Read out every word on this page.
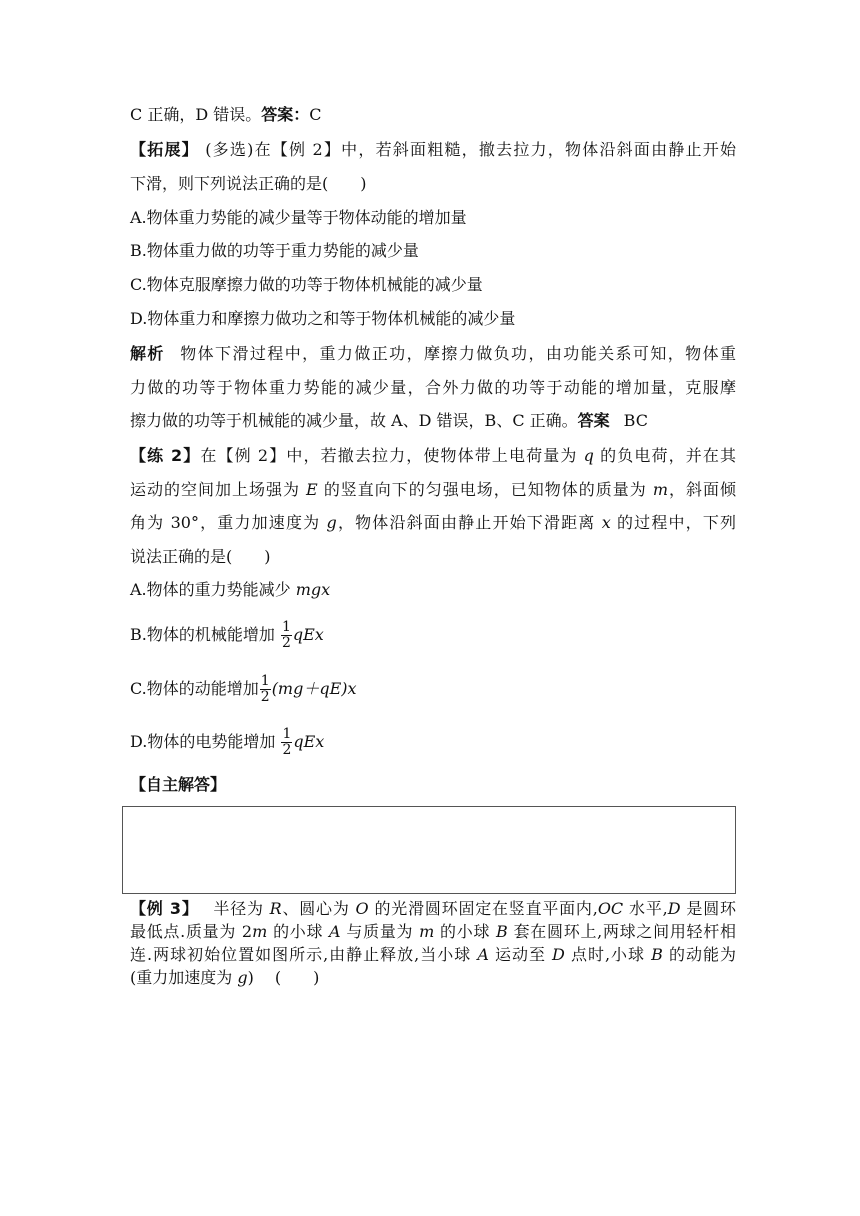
C 正确，D 错误。答案：C
【拓展】 (多选)在【例 2】中，若斜面粗糙，撤去拉力，物体沿斜面由静止开始
下滑，则下列说法正确的是(　　)
A.物体重力势能的减少量等于物体动能的增加量
B.物体重力做的功等于重力势能的减少量
C.物体克服摩擦力做的功等于物体机械能的减少量
D.物体重力和摩擦力做功之和等于物体机械能的减少量
解析 物体下滑过程中，重力做正功，摩擦力做负功，由功能关系可知，物体重
力做的功等于物体重力势能的减少量，合外力做的功等于动能的增加量，克服摩
擦力做的功等于机械能的减少量，故 A、D 错误，B、C 正确。答案 BC
【练 2】在【例 2】中，若撤去拉力，使物体带上电荷量为 q 的负电荷，并在其
运动的空间加上场强为 E 的竖直向下的匀强电场，已知物体的质量为 m，斜面倾
角为 30°，重力加速度为 g，物体沿斜面由静止开始下滑距离 x 的过程中，下列
说法正确的是(　　)
A.物体的重力势能减少 mgx
B.物体的机械能增加 $\frac{1}{2}$ qEx
C.物体的动能增加 $\frac{1}{2} (mg+qE)x$
D.物体的电势能增加 $\frac{1}{2}$ qEx
【自主解答】
【例 3】 半径为 R、圆心为 O 的光滑圆环固定在竖直平面内,OC 水平,D 是圆环
最低点.质量为 2m 的小球 A 与质量为 m 的小球 B 套在圆环上,两球之间用轻杆相
连.两球初始位置如图所示,由静止释放,当小球 A 运动至 D 点时,小球 B 的动能为
(重力加速度为 g)　 (　　)
